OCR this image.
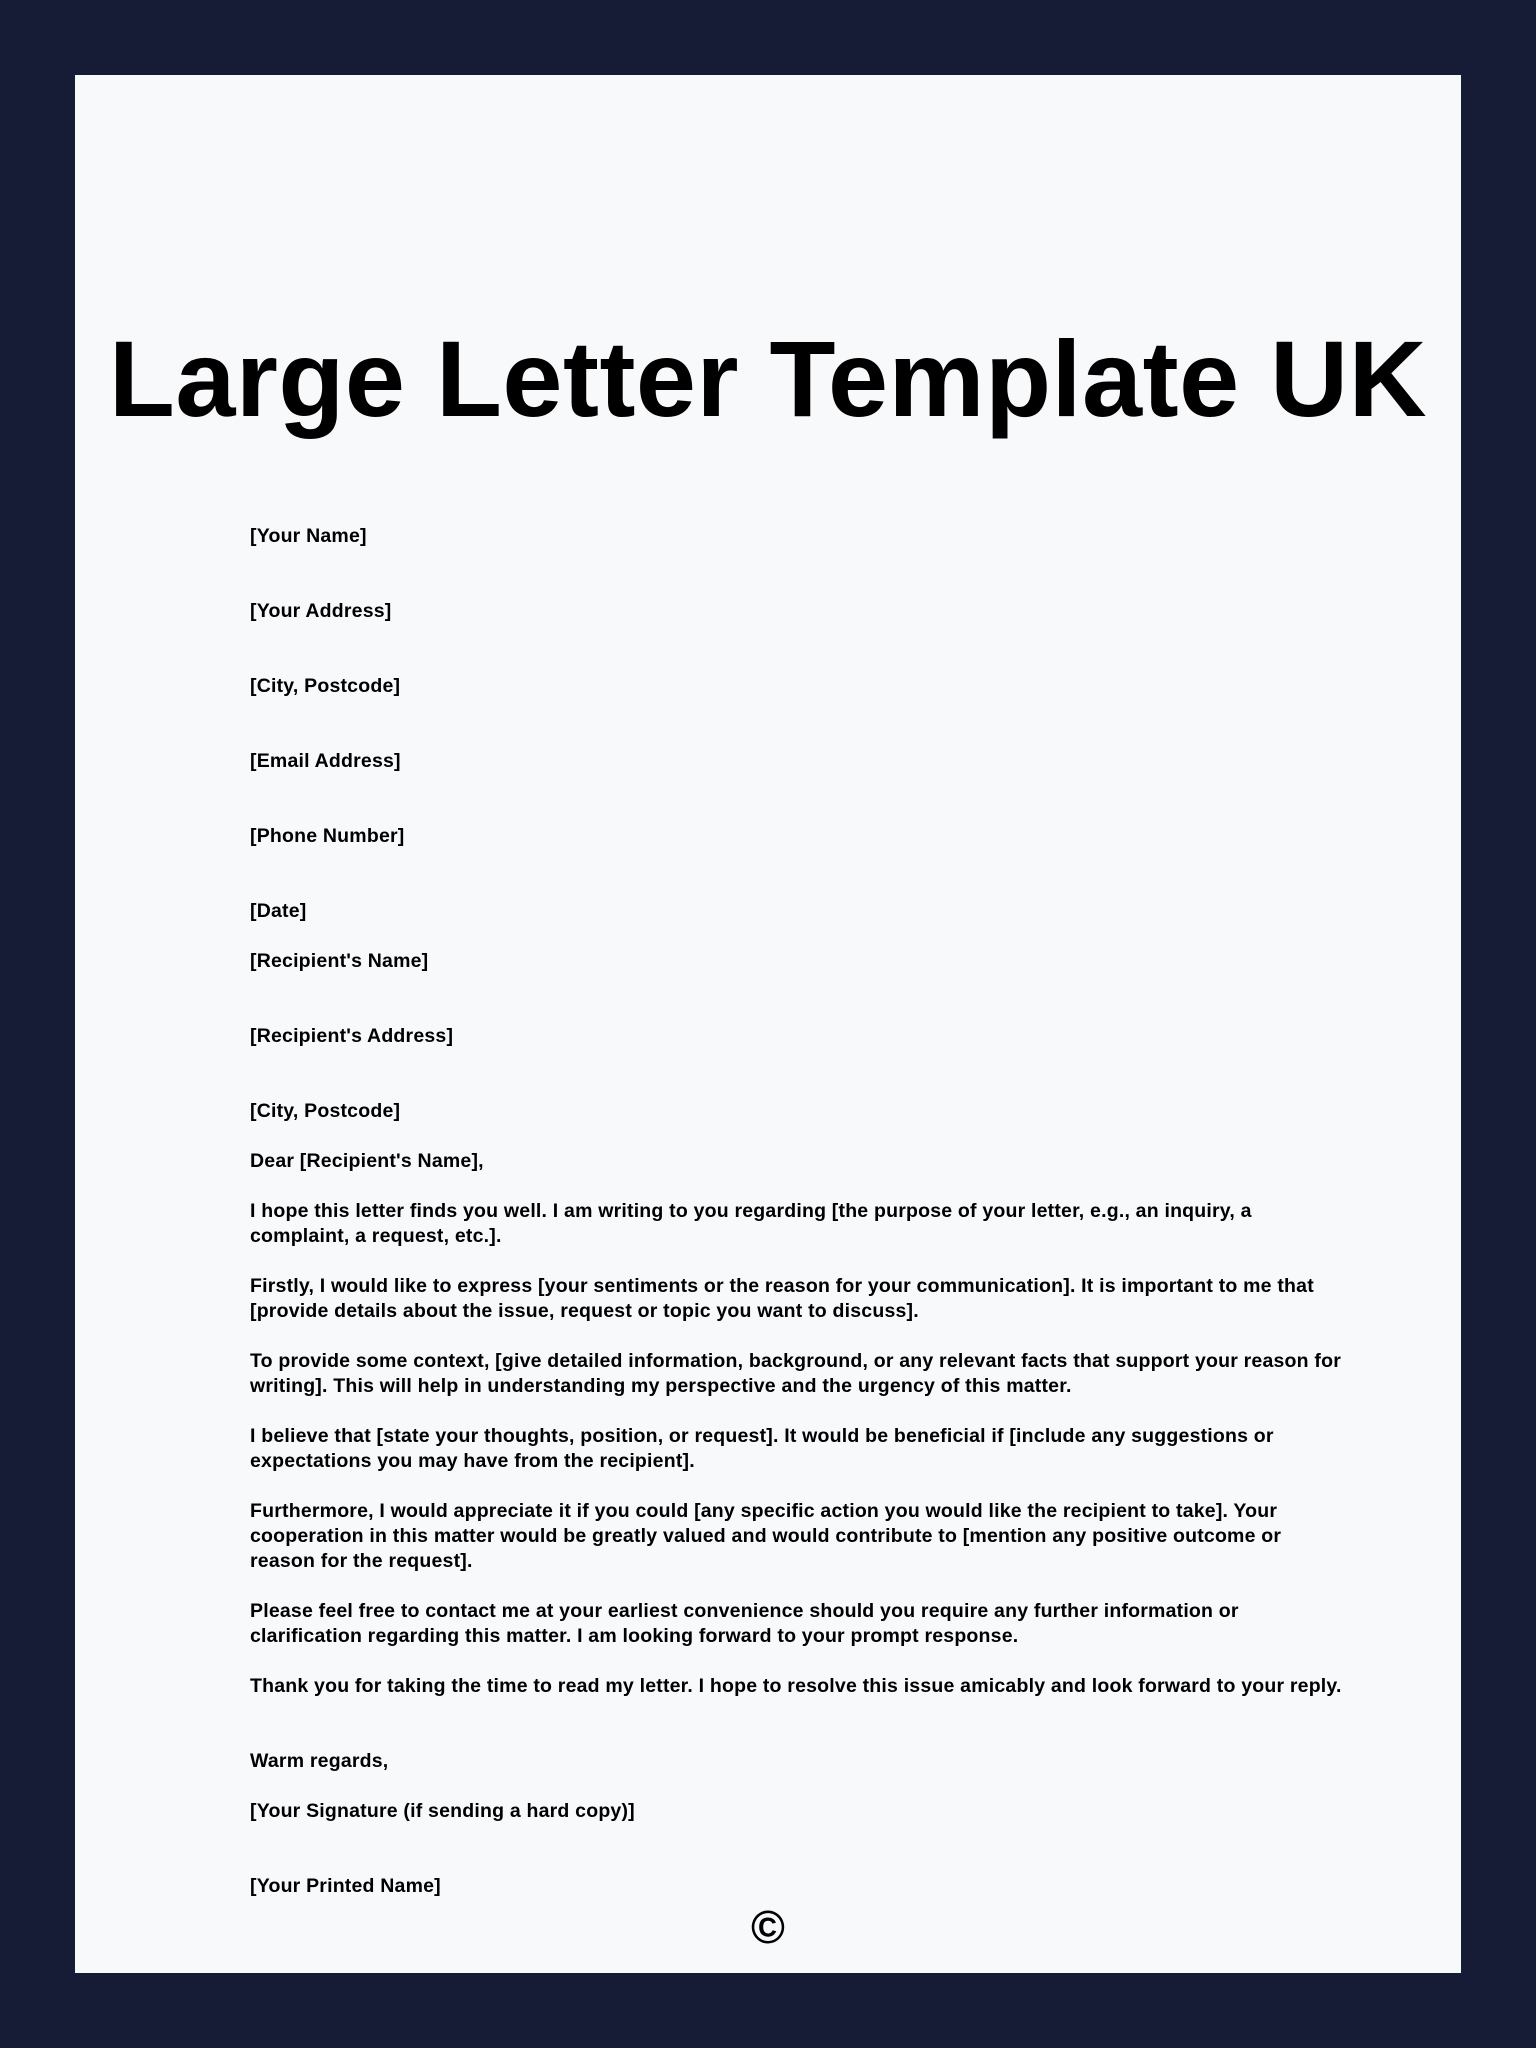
Large Letter Template UK

[Your Name]

[Your Address]

[City, Postcode]

[Email Address]

[Phone Number]

[Date]

[Recipient's Name]

[Recipient's Address]

[City, Postcode]

Dear [Recipient's Name],

I hope this letter finds you well. I am writing to you regarding [the purpose of your letter, e.g., an inquiry, a complaint, a request, etc.].

Firstly, I would like to express [your sentiments or the reason for your communication]. It is important to me that [provide details about the issue, request or topic you want to discuss].

To provide some context, [give detailed information, background, or any relevant facts that support your reason for writing]. This will help in understanding my perspective and the urgency of this matter.

I believe that [state your thoughts, position, or request]. It would be beneficial if [include any suggestions or expectations you may have from the recipient].

Furthermore, I would appreciate it if you could [any specific action you would like the recipient to take]. Your cooperation in this matter would be greatly valued and would contribute to [mention any positive outcome or reason for the request].

Please feel free to contact me at your earliest convenience should you require any further information or clarification regarding this matter. I am looking forward to your prompt response.

Thank you for taking the time to read my letter. I hope to resolve this issue amicably and look forward to your reply.

Warm regards,

[Your Signature (if sending a hard copy)]

[Your Printed Name]

©
